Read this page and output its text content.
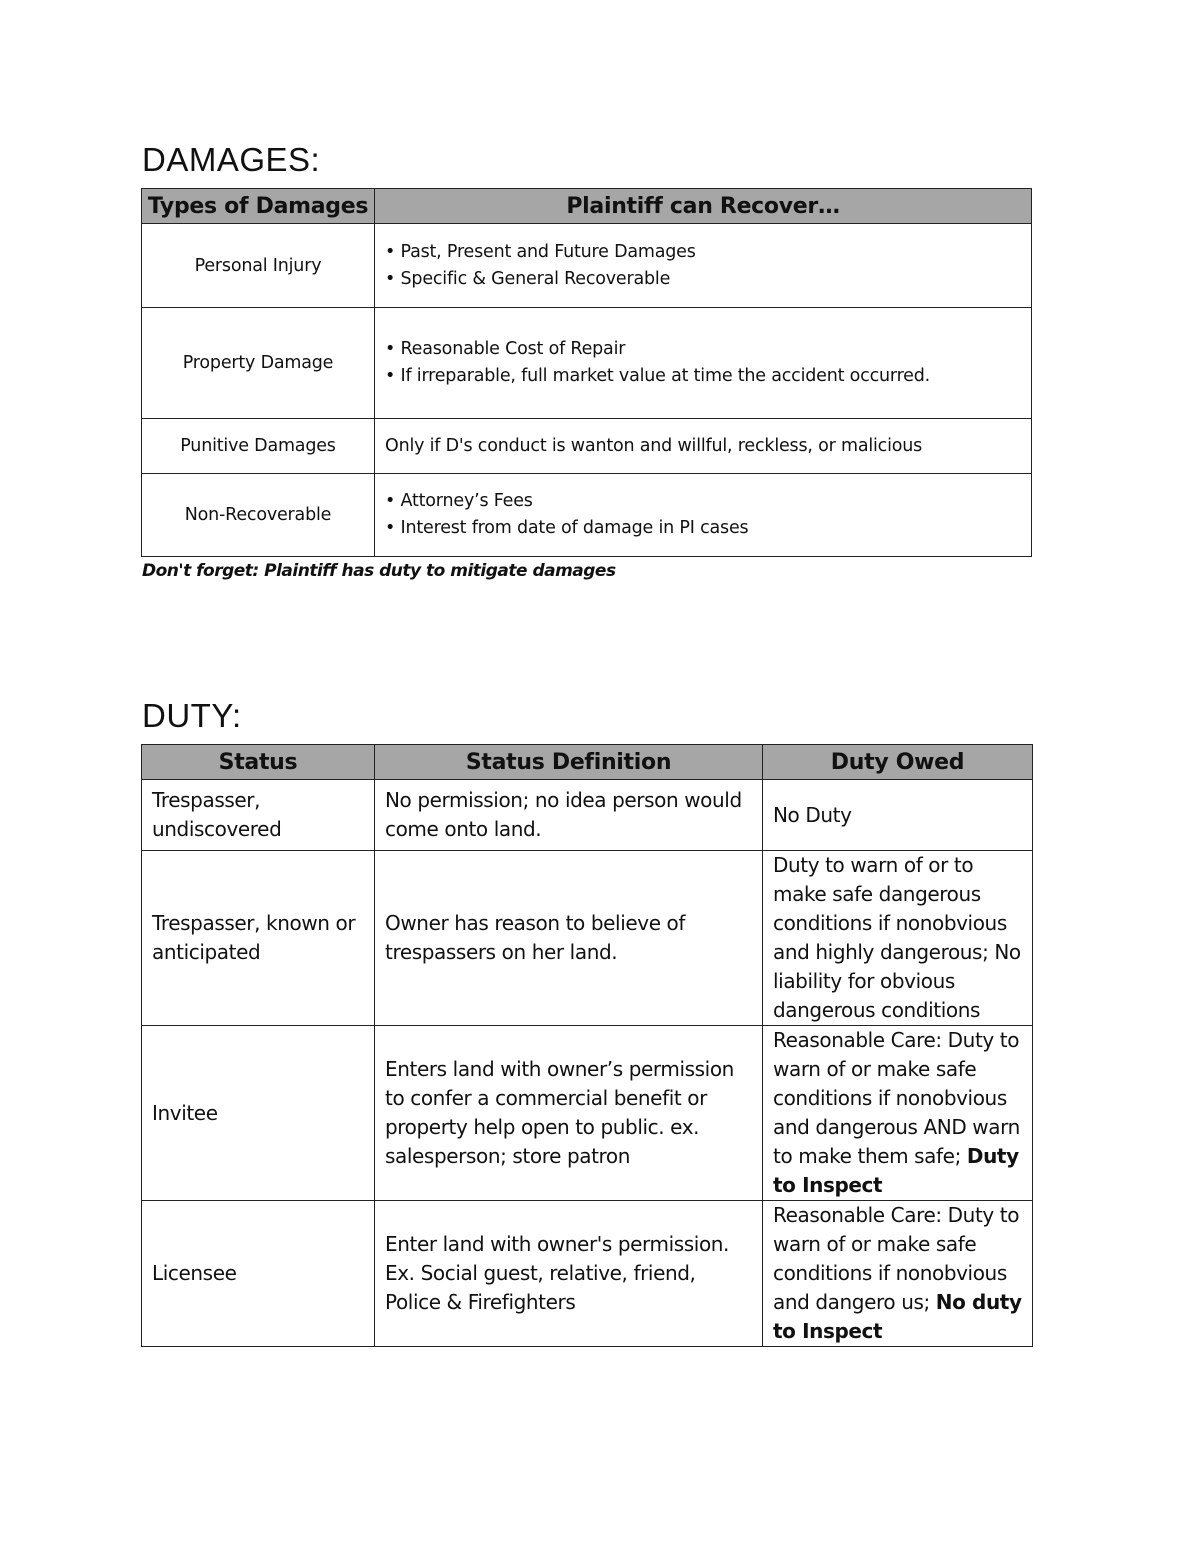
DAMAGES:
Types of Damages	Plaintiff can Recover…
Personal Injury	• Past, Present and Future Damages
• Specific & General Recoverable

Property Damage	• Reasonable Cost of Repair
• If irreparable, full market value at time the accident occurred.

Punitive Damages	Only if D's conduct is wanton and willful, reckless, or malicious
Non-Recoverable	• Attorney’s Fees
• Interest from date of damage in PI cases

Don't forget: Plaintiff has duty to mitigate damages

DUTY:
Status	Status Definition	Duty Owed
Trespasser, undiscovered	No permission; no idea person would come onto land.	No Duty
Trespasser, known or anticipated	Owner has reason to believe of trespassers on her land.	Duty to warn of or to make safe dangerous conditions if nonobvious and highly dangerous; No liability for obvious dangerous conditions
Invitee	Enters land with owner’s permission to confer a commercial benefit or property help open to public. ex. salesperson; store patron	Reasonable Care: Duty to warn of or make safe conditions if nonobvious and dangerous AND warn to make them safe; Duty to Inspect
Licensee	Enter land with owner's permission. Ex. Social guest, relative, friend, Police & Firefighters	Reasonable Care: Duty to warn of or make safe conditions if nonobvious and dangero us; No duty to Inspect
